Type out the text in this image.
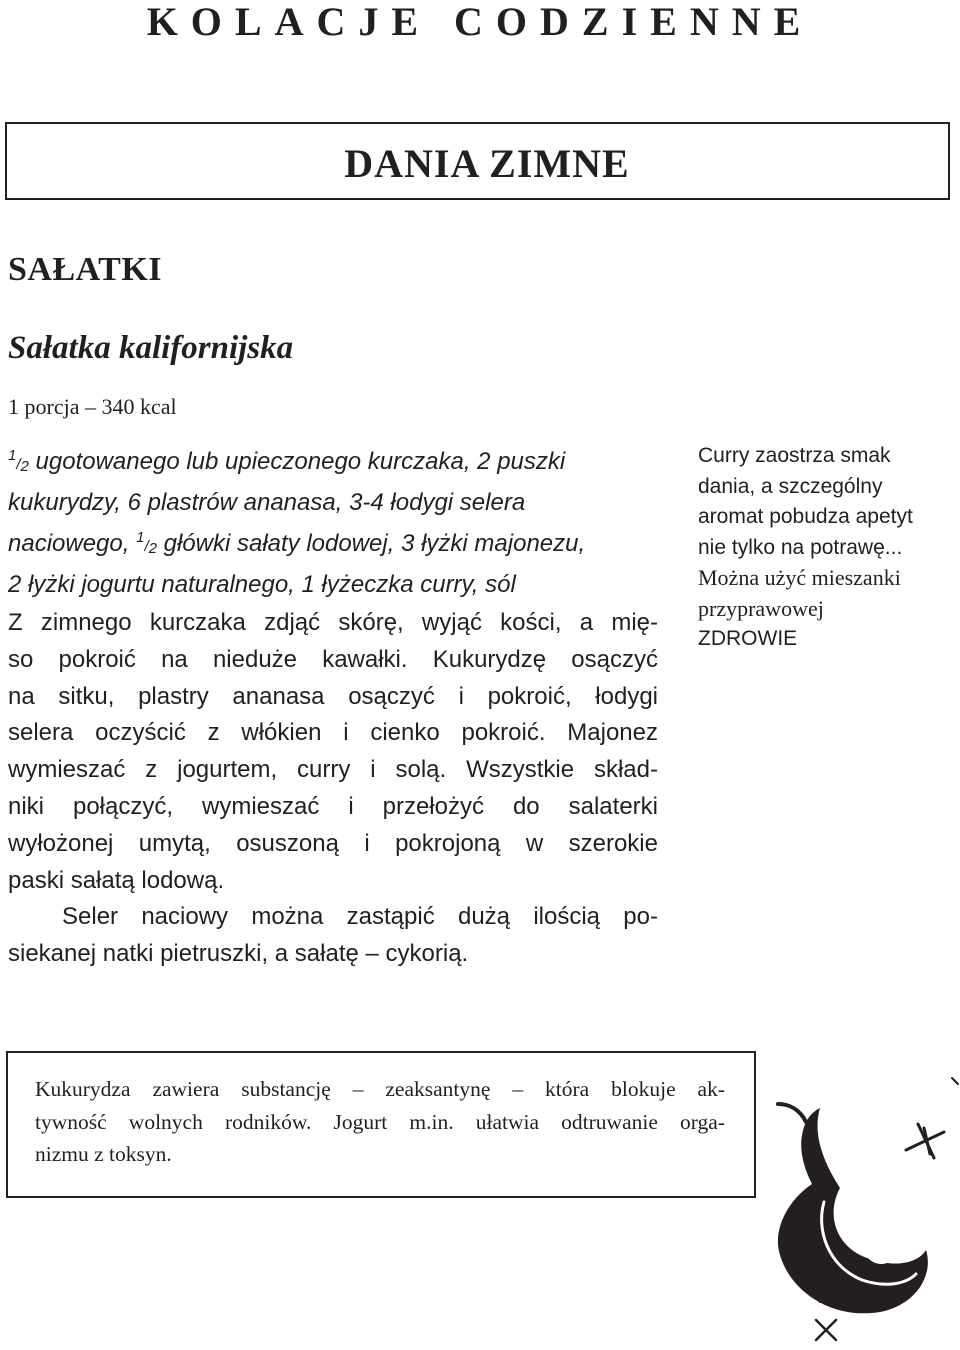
KOLACJE CODZIENNE
DANIA ZIMNE
SAŁATKI
Sałatka kalifornijska
1 porcja – 340 kcal
$^1$/2 ugotowanego lub upieczonego kurczaka, 2 puszki
kukurydzy, 6 plastrów ananasa, 3-4 łodygi selera
naciowego, $^1$/2 główki sałaty lodowej, 3 łyżki majonezu,
2 łyżki jogurtu naturalnego, 1 łyżeczka curry, sól
Z zimnego kurczaka zdjąć skórę, wyjąć kości, a mię-
so pokroić na nieduże kawałki. Kukurydzę osączyć
na sitku, plastry ananasa osączyć i pokroić, łodygi
selera oczyścić z włókien i cienko pokroić. Majonez
wymieszać z jogurtem, curry i solą. Wszystkie skład-
niki połączyć, wymieszać i przełożyć do salaterki
wyłożonej umytą, osuszoną i pokrojoną w szerokie
paski sałatą lodową.
Seler naciowy można zastąpić dużą ilością po-
siekanej natki pietruszki, a sałatę – cykorią.
Curry zaostrza smak
dania, a szczególny
aromat pobudza apetyt
nie tylko na potrawę...
Można użyć mieszanki
przyprawowej
ZDROWIE
Kukurydza zawiera substancję – zeaksantynę – która blokuje ak-
tywność wolnych rodników. Jogurt m.in. ułatwia odtruwanie orga-
nizmu z toksyn.
